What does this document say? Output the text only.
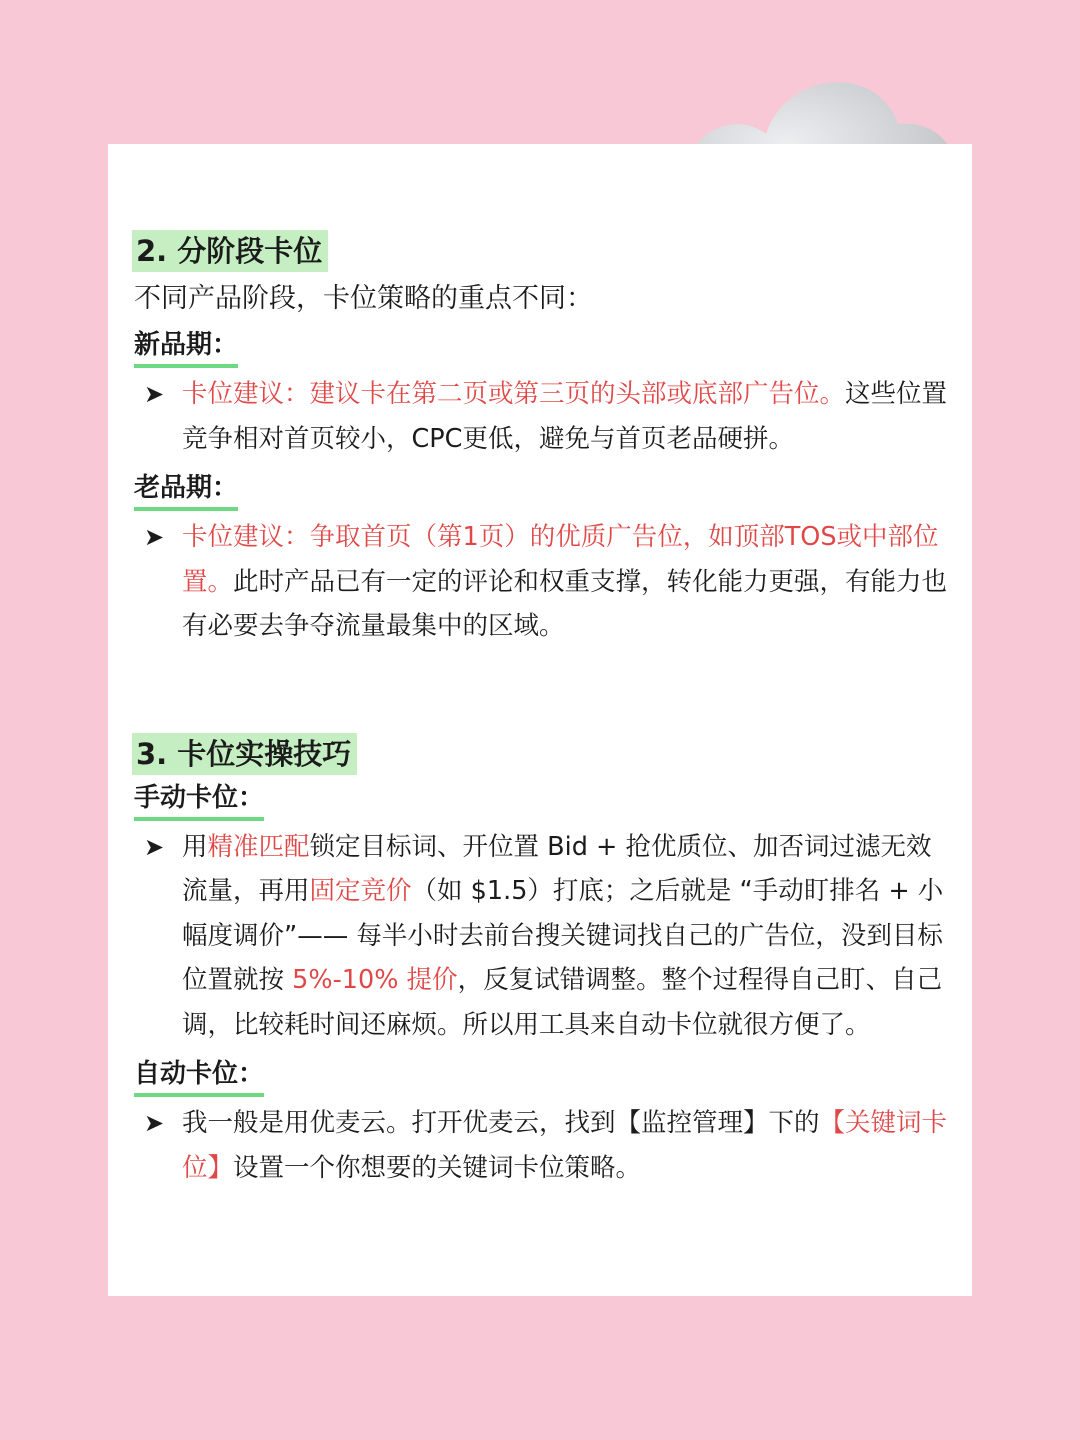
2. 分阶段卡位
不同产品阶段，卡位策略的重点不同：
新品期：
➤ 卡位建议：建议卡在第二页或第三页的头部或底部广告位。这些位置竞争相对首页较小，CPC更低，避免与首页老品硬拼。
老品期：
➤ 卡位建议：争取首页（第1页）的优质广告位，如顶部TOS或中部位置。此时产品已有一定的评论和权重支撑，转化能力更强，有能力也有必要去争夺流量最集中的区域。
3. 卡位实操技巧
手动卡位：
➤ 用精准匹配锁定目标词、开位置 Bid + 抢优质位、加否词过滤无效流量，再用固定竞价（如 $1.5）打底；之后就是 “手动盯排名 + 小幅度调价”—— 每半小时去前台搜关键词找自己的广告位，没到目标位置就按 5%-10% 提价，反复试错调整。整个过程得自己盯、自己调，比较耗时间还麻烦。所以用工具来自动卡位就很方便了。
自动卡位：
➤ 我一般是用优麦云。打开优麦云，找到【监控管理】下的【关键词卡位】设置一个你想要的关键词卡位策略。
